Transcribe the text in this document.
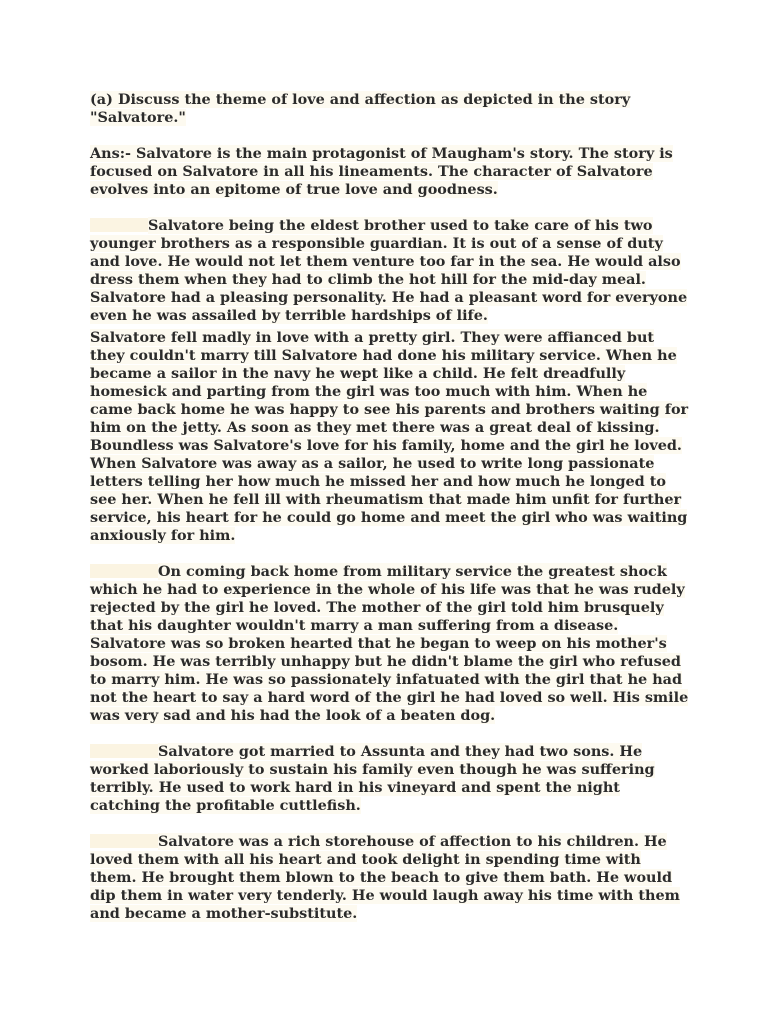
(a) Discuss the theme of love and affection as depicted in the story "Salvatore."

Ans:- Salvatore is the main protagonist of Maugham's story. The story is focused on Salvatore in all his lineaments. The character of Salvatore evolves into an epitome of true love and goodness.

Salvatore being the eldest brother used to take care of his two younger brothers as a responsible guardian. It is out of a sense of duty and love. He would not let them venture too far in the sea. He would also dress them when they had to climb the hot hill for the mid-day meal. Salvatore had a pleasing personality. He had a pleasant word for everyone even he was assailed by terrible hardships of life.

Salvatore fell madly in love with a pretty girl. They were affianced but they couldn't marry till Salvatore had done his military service. When he became a sailor in the navy he wept like a child. He felt dreadfully homesick and parting from the girl was too much with him. When he came back home he was happy to see his parents and brothers waiting for him on the jetty. As soon as they met there was a great deal of kissing. Boundless was Salvatore's love for his family, home and the girl he loved. When Salvatore was away as a sailor, he used to write long passionate letters telling her how much he missed her and how much he longed to see her. When he fell ill with rheumatism that made him unfit for further service, his heart for he could go home and meet the girl who was waiting anxiously for him.

On coming back home from military service the greatest shock which he had to experience in the whole of his life was that he was rudely rejected by the girl he loved. The mother of the girl told him brusquely that his daughter wouldn't marry a man suffering from a disease. Salvatore was so broken hearted that he began to weep on his mother's bosom. He was terribly unhappy but he didn't blame the girl who refused to marry him. He was so passionately infatuated with the girl that he had not the heart to say a hard word of the girl he had loved so well. His smile was very sad and his had the look of a beaten dog.

Salvatore got married to Assunta and they had two sons. He worked laboriously to sustain his family even though he was suffering terribly. He used to work hard in his vineyard and spent the night catching the profitable cuttlefish.

Salvatore was a rich storehouse of affection to his children. He loved them with all his heart and took delight in spending time with them. He brought them blown to the beach to give them bath. He would dip them in water very tenderly. He would laugh away his time with them and became a mother-substitute.
